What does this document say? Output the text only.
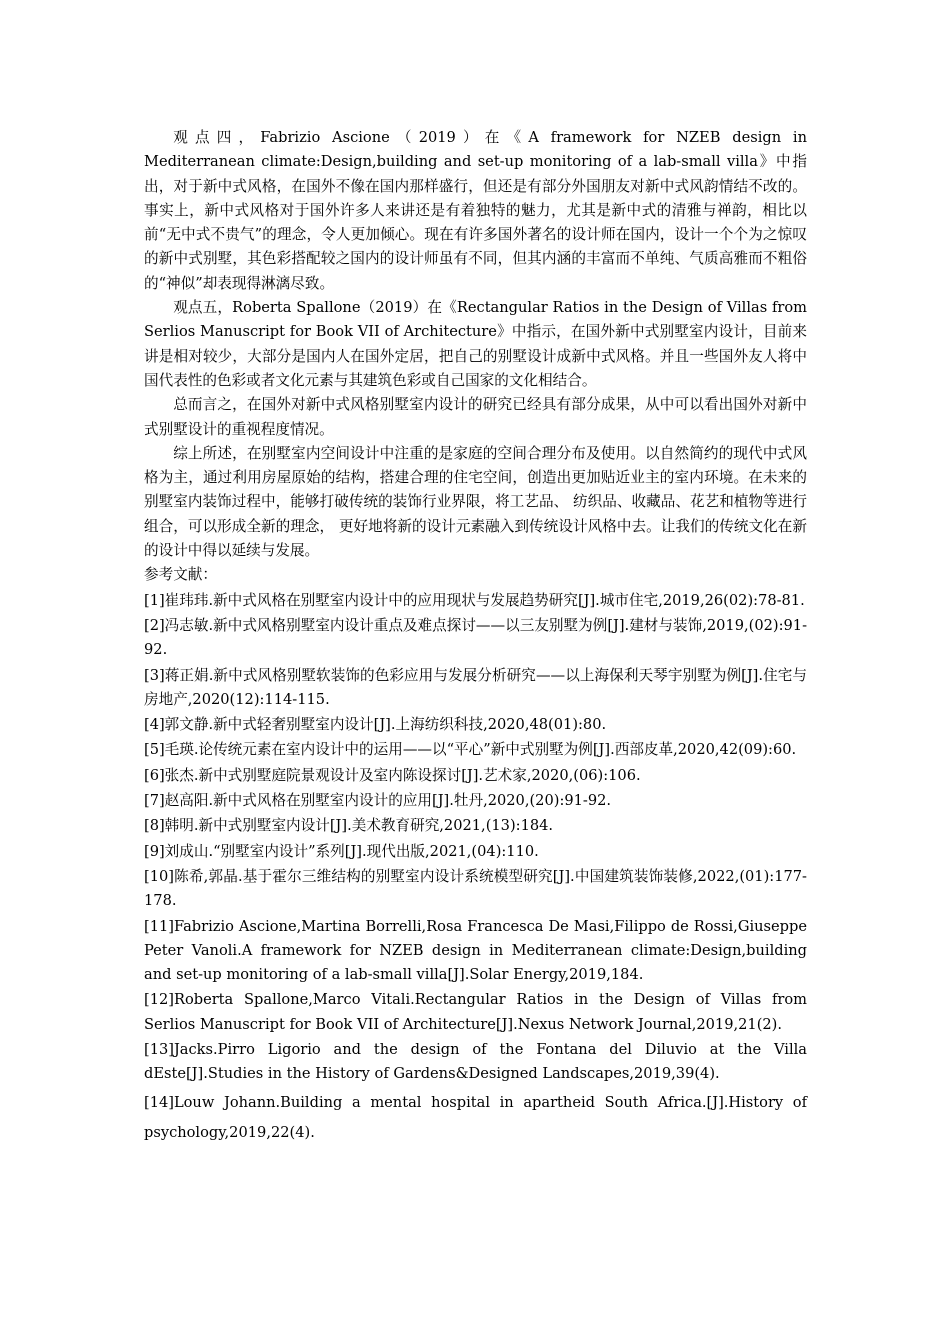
观点四，Fabrizio Ascione（2019）在《A framework for NZEB design in Mediterranean climate:Design,building and set-up monitoring of a lab-small villa》中指出，对于新中式风格，在国外不像在国内那样盛行，但还是有部分外国朋友对新中式风韵情结不改的。事实上，新中式风格对于国外许多人来讲还是有着独特的魅力，尤其是新中式的清雅与禅韵，相比以前“无中式不贵气”的理念，令人更加倾心。现在有许多国外著名的设计师在国内，设计一个个为之惊叹的新中式别墅，其色彩搭配较之国内的设计师虽有不同，但其内涵的丰富而不单纯、气质高雅而不粗俗的“神似”却表现得淋漓尽致。

观点五，Roberta Spallone（2019）在《Rectangular Ratios in the Design of Villas from Serlios Manuscript for Book VII of Architecture》中指示，在国外新中式别墅室内设计，目前来讲是相对较少，大部分是国内人在国外定居，把自己的别墅设计成新中式风格。并且一些国外友人将中国代表性的色彩或者文化元素与其建筑色彩或自己国家的文化相结合。

总而言之，在国外对新中式风格别墅室内设计的研究已经具有部分成果，从中可以看出国外对新中式别墅设计的重视程度情况。

综上所述，在别墅室内空间设计中注重的是家庭的空间合理分布及使用。以自然简约的现代中式风格为主，通过利用房屋原始的结构，搭建合理的住宅空间，创造出更加贴近业主的室内环境。在未来的别墅室内装饰过程中，能够打破传统的装饰行业界限，将工艺品、 纺织品、收藏品、花艺和植物等进行组合，可以形成全新的理念， 更好地将新的设计元素融入到传统设计风格中去。让我们的传统文化在新的设计中得以延续与发展。

参考文献：

[1]崔玮玮.新中式风格在别墅室内设计中的应用现状与发展趋势研究[J].城市住宅,2019,26(02):78-81.
[2]冯志敏.新中式风格别墅室内设计重点及难点探讨——以三友别墅为例[J].建材与装饰,2019,(02):91-92.
[3]蒋正娟.新中式风格别墅软装饰的色彩应用与发展分析研究——以上海保利天琴宇别墅为例[J].住宅与房地产,2020(12):114-115.
[4]郭文静.新中式轻奢别墅室内设计[J].上海纺织科技,2020,48(01):80.
[5]毛瑛.论传统元素在室内设计中的运用——以“平心”新中式别墅为例[J].西部皮革,2020,42(09):60.
[6]张杰.新中式别墅庭院景观设计及室内陈设探讨[J].艺术家,2020,(06):106.
[7]赵高阳.新中式风格在别墅室内设计的应用[J].牡丹,2020,(20):91-92.
[8]韩明.新中式别墅室内设计[J].美术教育研究,2021,(13):184.
[9]刘成山.“别墅室内设计”系列[J].现代出版,2021,(04):110.
[10]陈希,郭晶.基于霍尔三维结构的别墅室内设计系统模型研究[J].中国建筑装饰装修,2022,(01):177-178.
[11]Fabrizio Ascione,Martina Borrelli,Rosa Francesca De Masi,Filippo de Rossi,Giuseppe Peter Vanoli.A framework for NZEB design in Mediterranean climate:Design,building and set-up monitoring of a lab-small villa[J].Solar Energy,2019,184.
[12]Roberta Spallone,Marco Vitali.Rectangular Ratios in the Design of Villas from Serlios Manuscript for Book VII of Architecture[J].Nexus Network Journal,2019,21(2).
[13]Jacks.Pirro Ligorio and the design of the Fontana del Diluvio at the Villa dEste[J].Studies in the History of Gardens&Designed Landscapes,2019,39(4).
[14]Louw Johann.Building a mental hospital in apartheid South Africa.[J].History of psychology,2019,22(4).
